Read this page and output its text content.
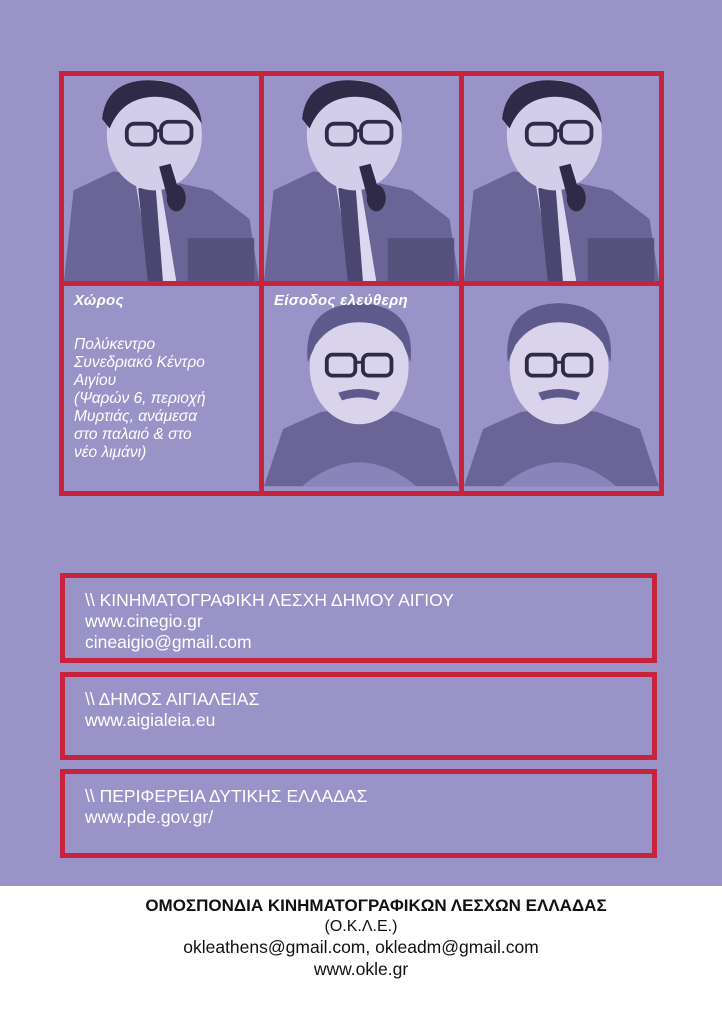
Χώρος
Πολύκεντρο
Συνεδριακό Κέντρο
Αιγίου
(Ψαρών 6, περιοχή
Μυρτιάς, ανάμεσα
στο παλαιό & στο
νέο λιμάνι)
Είσοδος ελεύθερη
\\ ΚΙΝΗΜΑΤΟΓΡΑΦΙΚΗ ΛΕΣΧΗ ΔΗΜΟΥ ΑΙΓΙΟΥ
www.cinegio.gr
cineaigio@gmail.com
\\ ΔΗΜΟΣ ΑΙΓΙΑΛΕΙΑΣ
www.aigialeia.eu
\\ ΠΕΡΙΦΕΡΕΙΑ ΔΥΤΙΚΗΣ ΕΛΛΑΔΑΣ
www.pde.gov.gr/
ΟΜΟΣΠΟΝΔΙΑ ΚΙΝΗΜΑΤΟΓΡΑΦΙΚΩΝ ΛΕΣΧΩΝ ΕΛΛΑΔΑΣ
(Ο.Κ.Λ.Ε.)
okleathens@gmail.com, okleadm@gmail.com
www.okle.gr
